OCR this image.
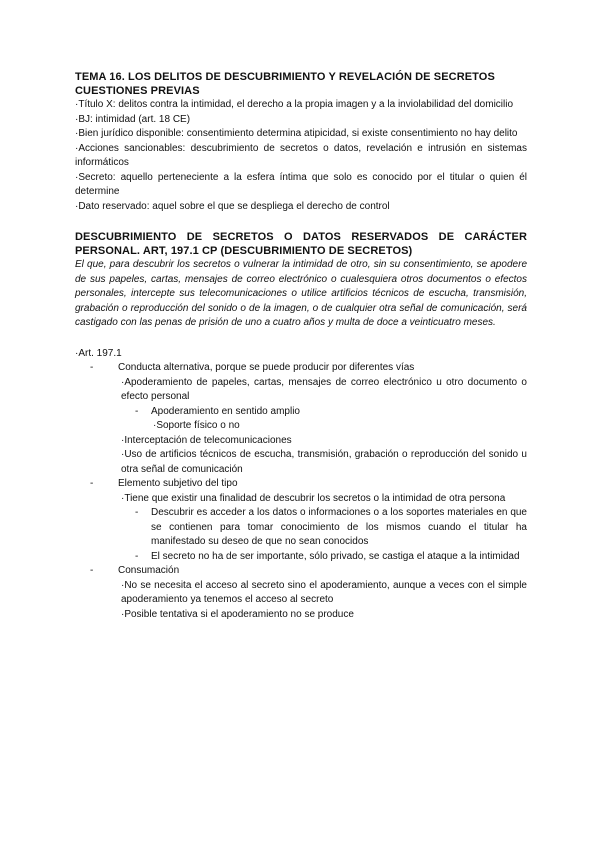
TEMA 16. LOS DELITOS DE DESCUBRIMIENTO Y REVELACIÓN DE SECRETOS

CUESTIONES PREVIAS

·Título X: delitos contra la intimidad, el derecho a la propia imagen y a la inviolabilidad del domicilio

·BJ: intimidad (art. 18 CE)

·Bien jurídico disponible: consentimiento determina atipicidad, si existe consentimiento no hay delito

·Acciones sancionables: descubrimiento de secretos o datos, revelación e intrusión en sistemas informáticos

·Secreto: aquello perteneciente a la esfera íntima que solo es conocido por el titular o quien él determine

·Dato reservado: aquel sobre el que se despliega el derecho de control

DESCUBRIMIENTO DE SECRETOS O DATOS RESERVADOS DE CARÁCTER

PERSONAL. ART, 197.1 CP (DESCUBRIMIENTO DE SECRETOS)

El que, para descubrir los secretos o vulnerar la intimidad de otro, sin su consentimiento, se apodere de sus papeles, cartas, mensajes de correo electrónico o cualesquiera otros documentos o efectos personales, intercepte sus telecomunicaciones o utilice artificios técnicos de escucha, transmisión, grabación o reproducción del sonido o de la imagen, o de cualquier otra señal de comunicación, será castigado con las penas de prisión de uno a cuatro años y multa de doce a veinticuatro meses.

·Art. 197.1
- Conducta alternativa, porque se puede producir por diferentes vías
·Apoderamiento de papeles, cartas, mensajes de correo electrónico u otro documento o efecto personal
- Apoderamiento en sentido amplio
·Soporte físico o no
·Interceptación de telecomunicaciones
·Uso de artificios técnicos de escucha, transmisión, grabación o reproducción del sonido u otra señal de comunicación
- Elemento subjetivo del tipo
·Tiene que existir una finalidad de descubrir los secretos o la intimidad de otra persona
- Descubrir es acceder a los datos o informaciones o a los soportes materiales en que se contienen para tomar conocimiento de los mismos cuando el titular ha manifestado su deseo de que no sean conocidos
- El secreto no ha de ser importante, sólo privado, se castiga el ataque a la intimidad
- Consumación
·No se necesita el acceso al secreto sino el apoderamiento, aunque a veces con el simple apoderamiento ya tenemos el acceso al secreto
·Posible tentativa si el apoderamiento no se produce
